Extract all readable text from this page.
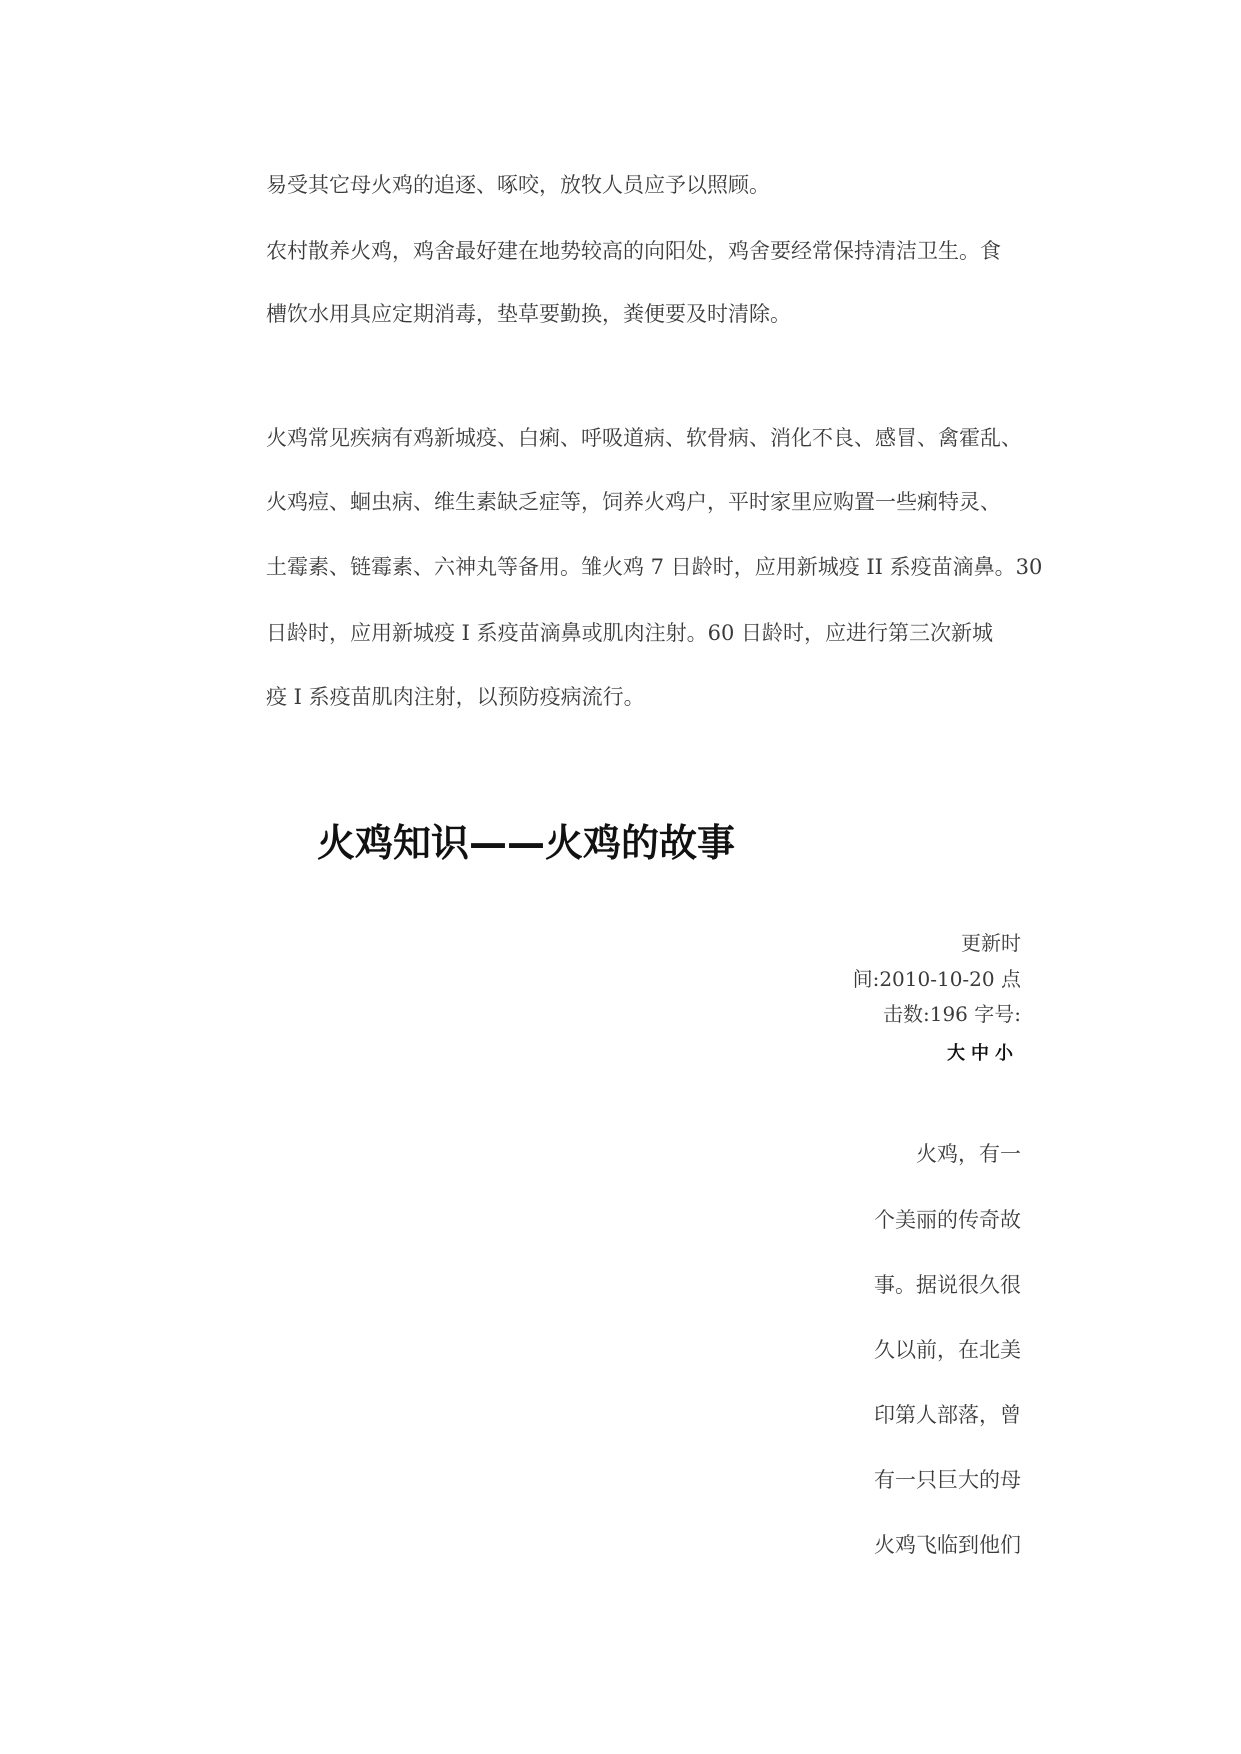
易受其它母火鸡的追逐、啄咬，放牧人员应予以照顾。
农村散养火鸡，鸡舍最好建在地势较高的向阳处，鸡舍要经常保持清洁卫生。食
槽饮水用具应定期消毒，垫草要勤换，粪便要及时清除。
火鸡常见疾病有鸡新城疫、白痢、呼吸道病、软骨病、消化不良、感冒、禽霍乱、
火鸡痘、蛔虫病、维生素缺乏症等，饲养火鸡户，平时家里应购置一些痢特灵、
土霉素、链霉素、六神丸等备用。雏火鸡 7 日龄时，应用新城疫 II 系疫苗滴鼻。30
日龄时，应用新城疫 I 系疫苗滴鼻或肌肉注射。60 日龄时，应进行第三次新城
疫 I 系疫苗肌肉注射，以预防疫病流行。
火鸡知识——火鸡的故事
更新时
间:2010-10-20 点
击数:196 字号:
大中小
火鸡，有一
个美丽的传奇故
事。据说很久很
久以前，在北美
印第人部落，曾
有一只巨大的母
火鸡飞临到他们
